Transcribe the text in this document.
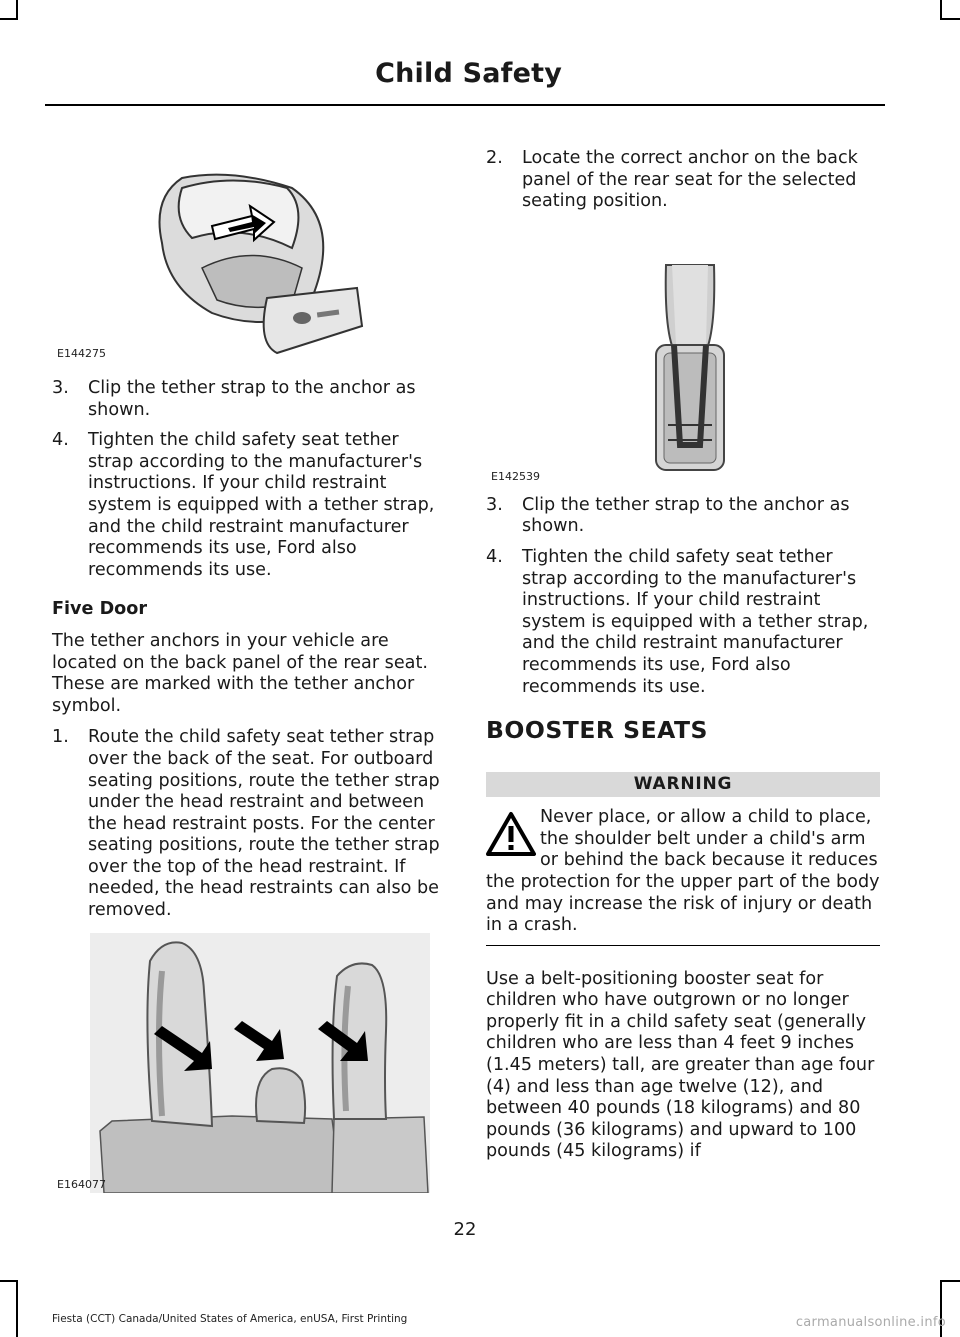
Child Safety
E144275
3. Clip the tether strap to the anchor as shown.
4. Tighten the child safety seat tether strap according to the manufacturer's instructions. If your child restraint system is equipped with a tether strap, and the child restraint manufacturer recommends its use, Ford also recommends its use.
Five Door

The tether anchors in your vehicle are located on the back panel of the rear seat. These are marked with the tether anchor symbol.

1. Route the child safety seat tether strap over the back of the seat. For outboard seating positions, route the tether strap under the head restraint and between the head restraint posts. For the center seating positions, route the tether strap over the top of the head restraint. If needed, the head restraints can also be removed.
E164077
2. Locate the correct anchor on the back panel of the rear seat for the selected seating position.
E142539
3. Clip the tether strap to the anchor as shown.
4. Tighten the child safety seat tether strap according to the manufacturer's instructions. If your child restraint system is equipped with a tether strap, and the child restraint manufacturer recommends its use, Ford also recommends its use.
BOOSTER SEATS
WARNING
Never place, or allow a child to place, the shoulder belt under a child's arm or behind the back because it reduces the protection for the upper part of the body and may increase the risk of injury or death in a crash.

Use a belt-positioning booster seat for children who have outgrown or no longer properly fit in a child safety seat (generally children who are less than 4 feet 9 inches (1.45 meters) tall, are greater than age four (4) and less than age twelve (12), and between 40 pounds (18 kilograms) and 80 pounds (36 kilograms) and upward to 100 pounds (45 kilograms) if

22
Fiesta (CCT) Canada/United States of America, enUSA, First Printing	carmanualsonline.info
